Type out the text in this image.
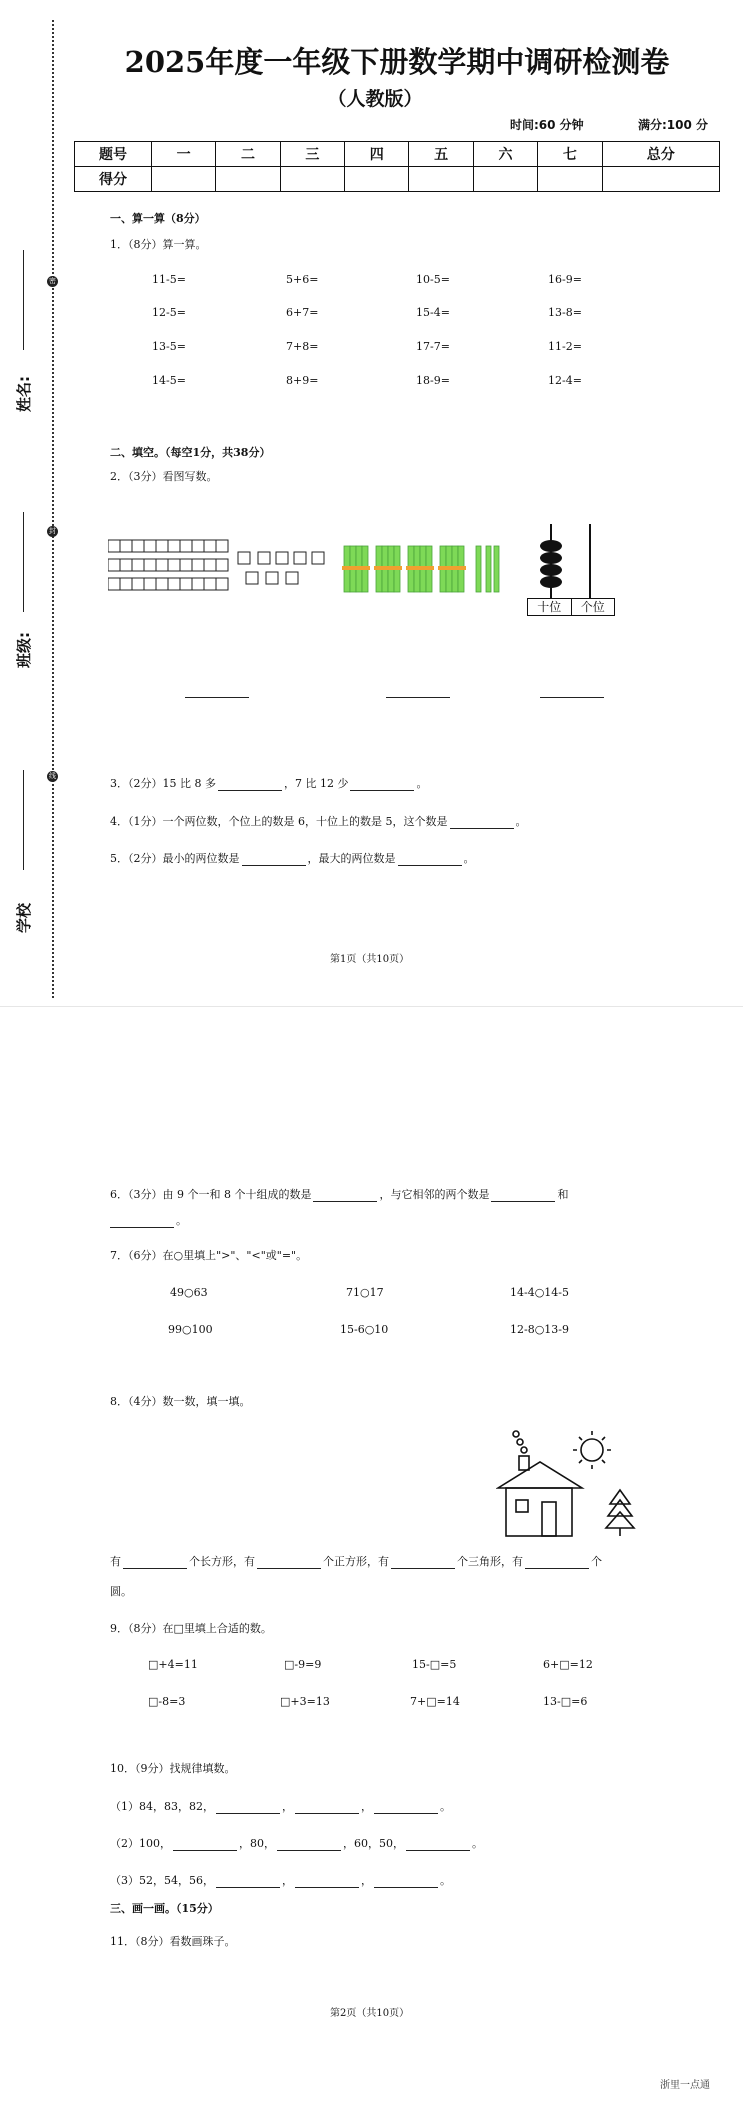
2025年度一年级下册数学期中调研检测卷
（人教版）
时间:60 分钟	满分:100 分
题号	一	二	三	四	五	六	七	总分
得分								
密
封
线
姓名:
班级:
学校
一、算一算（8分）
1．（8分）算一算。
11-5=	5+6=	10-5=	16-9=
12-5=	6+7=	15-4=	13-8=
13-5=	7+8=	17-7=	11-2=
14-5=	8+9=	18-9=	12-4=
二、填空。（每空1分，共38分）
2．（3分）看图写数。
十位	个位
3．（2分）15 比 8 多	，7 比 12 少	。
4．（1分）一个两位数，个位上的数是 6，十位上的数是 5，这个数是	。
5．（2分）最小的两位数是	，最大的两位数是	。
第1页（共10页）
6．（3分）由 9 个一和 8 个十组成的数是	，与它相邻的两个数是	和
。
7．（6分）在○里填上">"、"<"或"="。
49○63	71○17	14-4○14-5
99○100	15-6○10	12-8○13-9
8．（4分）数一数，填一填。
有	个长方形，有	个正方形，有	个三角形，有	个
圆。
9．（8分）在□里填上合适的数。
□+4=11	□-9=9	15-□=5	6+□=12
□-8=3	□+3=13	7+□=14	13-□=6
10．（9分）找规律填数。
（1）84，83，82，	，	，	。
（2）100，	，80，	，60，50，	。
（3）52，54，56，	，	，	。
三、画一画。（15分）
11．（8分）看数画珠子。
第2页（共10页）
浙里一点通
